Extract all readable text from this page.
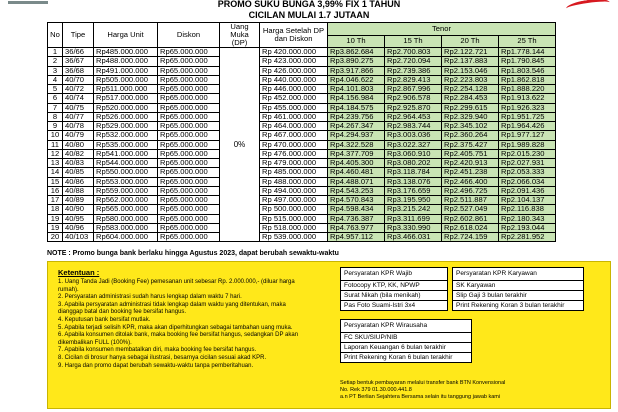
PROMO SUKU BUNGA 3,99% FIX 1 TAHUN
CICILAN MULAI 1.7 JUTAAN
No	Tipe	Harga Unit	Diskon	Uang Muka (DP)	Harga Setelah DP dan Diskon	Tenor			
						10 Th	15 Th	20 Th	25 Th
1	36/66	Rp485.000.000	Rp65.000.000	0%	Rp 420.000.000	Rp3.862.684	Rp2.700.803	Rp2.122.721	Rp1.778.144
2	36/67	Rp488.000.000	Rp65.000.000		Rp 423.000.000	Rp3.890.275	Rp2.720.094	Rp2.137.883	Rp1.790.845
3	36/68	Rp491.000.000	Rp65.000.000		Rp 426.000.000	Rp3.917.866	Rp2.739.386	Rp2.153.046	Rp1.803.546
4	40/70	Rp505.000.000	Rp65.000.000		Rp 440.000.000	Rp4.046.622	Rp2.829.413	Rp2.223.803	Rp1.862.818
5	40/72	Rp511.000.000	Rp65.000.000		Rp 446.000.000	Rp4.101.803	Rp2.867.996	Rp2.254.128	Rp1.888.220
6	40/74	Rp517.000.000	Rp65.000.000		Rp 452.000.000	Rp4.156.984	Rp2.906.578	Rp2.284.453	Rp1.913.622
7	40/75	Rp520.000.000	Rp65.000.000		Rp 455.000.000	Rp4.184.575	Rp2.925.870	Rp2.299.615	Rp1.926.323
8	40/77	Rp526.000.000	Rp65.000.000		Rp 461.000.000	Rp4.239.756	Rp2.964.453	Rp2.329.940	Rp1.951.725
9	40/78	Rp529.000.000	Rp65.000.000		Rp 464.000.000	Rp4.267.347	Rp2.983.744	Rp2.345.102	Rp1.964.426
10	40/79	Rp532.000.000	Rp65.000.000		Rp 467.000.000	Rp4.294.937	Rp3.003.036	Rp2.360.264	Rp1.977.127
11	40/80	Rp535.000.000	Rp65.000.000		Rp 470.000.000	Rp4.322.528	Rp3.022.327	Rp2.375.427	Rp1.989.828
12	40/82	Rp541.000.000	Rp65.000.000		Rp 476.000.000	Rp4.377.709	Rp3.060.910	Rp2.405.751	Rp2.015.230
13	40/83	Rp544.000.000	Rp65.000.000		Rp 479.000.000	Rp4.405.300	Rp3.080.202	Rp2.420.913	Rp2.027.931
14	40/85	Rp550.000.000	Rp65.000.000		Rp 485.000.000	Rp4.460.481	Rp3.118.784	Rp2.451.238	Rp2.053.333
15	40/86	Rp553.000.000	Rp65.000.000		Rp 488.000.000	Rp4.488.071	Rp3.138.076	Rp2.466.400	Rp2.066.034
16	40/88	Rp559.000.000	Rp65.000.000		Rp 494.000.000	Rp4.543.253	Rp3.176.659	Rp2.496.725	Rp2.091.436
17	40/89	Rp562.000.000	Rp65.000.000		Rp 497.000.000	Rp4.570.843	Rp3.195.950	Rp2.511.887	Rp2.104.137
18	40/90	Rp565.000.000	Rp65.000.000		Rp 500.000.000	Rp4.598.434	Rp3.215.242	Rp2.527.049	Rp2.116.838
19	40/95	Rp580.000.000	Rp65.000.000		Rp 515.000.000	Rp4.736.387	Rp3.311.699	Rp2.602.861	Rp2.180.343
19	40/96	Rp583.000.000	Rp65.000.000		Rp 518.000.000	Rp4.763.977	Rp3.330.990	Rp2.618.024	Rp2.193.044
20	40/103	Rp604.000.000	Rp65.000.000		Rp 539.000.000	Rp4.957.112	Rp3.466.031	Rp2.724.159	Rp2.281.952
NOTE : Promo bunga bank berlaku hingga Agustus 2023, dapat berubah sewaktu-waktu
Ketentuan :
1. Uang Tanda Jadi (Booking Fee) pemesanan unit sebesar Rp. 2.000.000,- (diluar harga
rumah).
2. Persyaratan administrasi sudah harus lengkap dalam waktu 7 hari.
3. Apabila persyaratan administrasi tidak lengkap dalam waktu yang ditentukan, maka
dianggap batal dan booking fee bersifat hangus.
4. Keputusan bank bersifat mutlak.
5. Apabila terjadi selisih KPR, maka akan diperhitungkan sebagai tambahan uang muka.
6. Apabila konsumen ditolak bank, maka booking fee bersifat hangus, sedangkan DP akan
dikembalikan FULL (100%).
7. Apabila konsumen membatalkan diri, maka booking fee bersifat hangus.
8. Cicilan di brosur hanya sebagai ilustrasi, besarnya cicilan sesuai akad KPR.
9. Harga dan promo dapat berubah sewaktu-waktu tanpa pemberitahuan.
Persyaratan KPR Wajib
Fotocopy KTP, KK, NPWP
Surat Nikah (bila menikah)
Pas Foto Suami-Istri 3x4
Persyaratan KPR Karyawan
SK Karyawan
Slip Gaji 3 bulan terakhir
Print Rekening Koran 3 bulan terakhir
Persyaratan KPR Wirausaha
FC SKU/SIUP/NIB
Laporan Keuangan 6 bulan terakhir
Print Rekening Koran 6 bulan terakhir
Setiap bentuk pembayaran melalui transfer bank BTN Konvensional
No. Rek 379 01.30.000.441.8
a.n PT Berlian Sejahtera Bersama selain itu tanggung jawab kami
